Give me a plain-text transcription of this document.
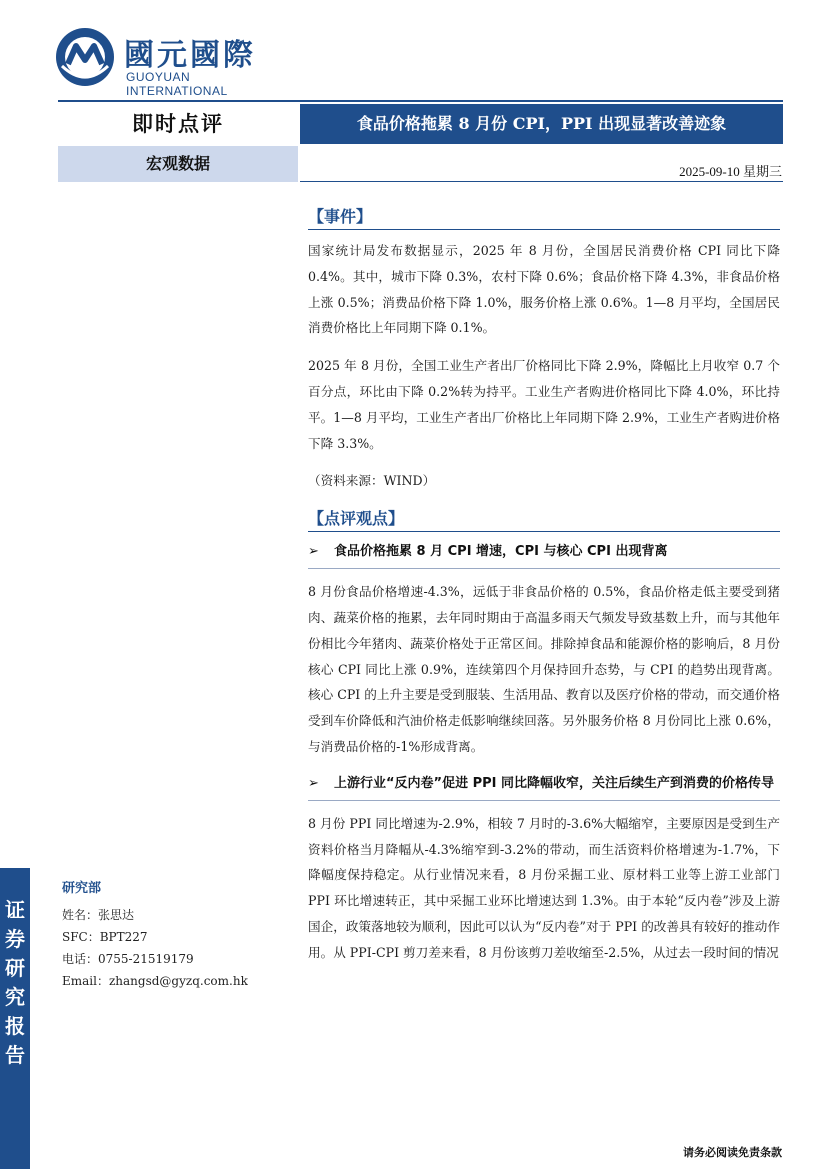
國元國際
GUOYUAN INTERNATIONAL
即时点评	食品价格拖累 8 月份 CPI，PPI 出现显著改善迹象
宏观数据	2025-09-10 星期三
证券研究报告
研究部
姓名：张思达
SFC：BPT227
电话：0755-21519179
Email：zhangsd@gyzq.com.hk
【事件】

国家统计局发布数据显示，2025 年 8 月份，全国居民消费价格 CPI 同比下降 0.4%。其中，城市下降 0.3%，农村下降 0.6%；食品价格下降 4.3%，非食品价格上涨 0.5%；消费品价格下降 1.0%，服务价格上涨 0.6%。1—8 月平均，全国居民消费价格比上年同期下降 0.1%。

2025 年 8 月份，全国工业生产者出厂价格同比下降 2.9%，降幅比上月收窄 0.7 个百分点，环比由下降 0.2%转为持平。工业生产者购进价格同比下降 4.0%，环比持平。1—8 月平均，工业生产者出厂价格比上年同期下降 2.9%，工业生产者购进价格下降 3.3%。

（资料来源：WIND）

【点评观点】
➢	食品价格拖累 8 月 CPI 增速，CPI 与核心 CPI 出现背离

8 月份食品价格增速-4.3%，远低于非食品价格的 0.5%，食品价格走低主要受到猪肉、蔬菜价格的拖累，去年同时期由于高温多雨天气频发导致基数上升，而与其他年份相比今年猪肉、蔬菜价格处于正常区间。排除掉食品和能源价格的影响后，8 月份核心 CPI 同比上涨 0.9%，连续第四个月保持回升态势，与 CPI 的趋势出现背离。核心 CPI 的上升主要是受到服装、生活用品、教育以及医疗价格的带动，而交通价格受到车价降低和汽油价格走低影响继续回落。另外服务价格 8 月份同比上涨 0.6%，与消费品价格的-1%形成背离。

➢	上游行业“反内卷”促进 PPI 同比降幅收窄，关注后续生产到消费的价格传导

8 月份 PPI 同比增速为-2.9%，相较 7 月时的-3.6%大幅缩窄，主要原因是受到生产资料价格当月降幅从-4.3%缩窄到-3.2%的带动，而生活资料价格增速为-1.7%，下降幅度保持稳定。从行业情况来看，8 月份采掘工业、原材料工业等上游工业部门 PPI 环比增速转正，其中采掘工业环比增速达到 1.3%。由于本轮“反内卷”涉及上游国企，政策落地较为顺利，因此可以认为“反内卷”对于 PPI 的改善具有较好的推动作用。从 PPI-CPI 剪刀差来看，8 月份该剪刀差收缩至-2.5%，从过去一段时间的情况

请务必阅读免责条款
